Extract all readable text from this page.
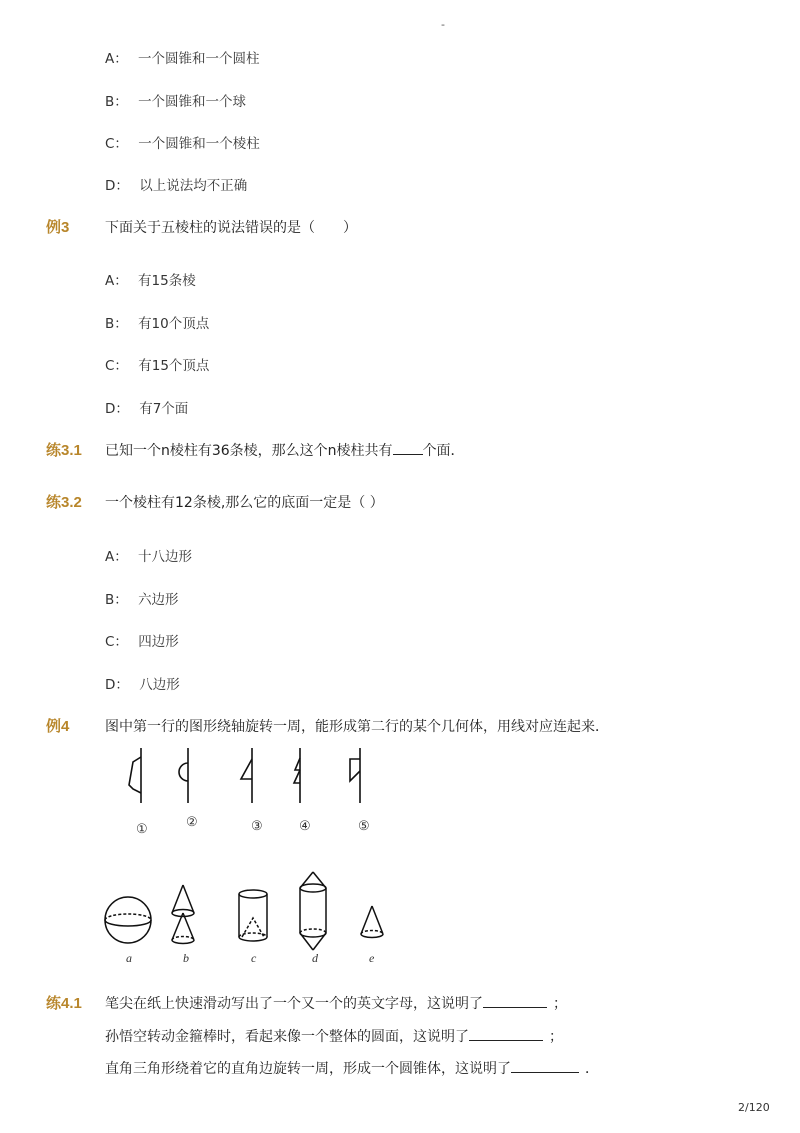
-
A： 一个圆锥和一个圆柱
B： 一个圆锥和一个球
C： 一个圆锥和一个棱柱
D： 以上说法均不正确
例3	下面关于五棱柱的说法错误的是（　　）
A： 有15条棱
B： 有10个顶点
C： 有15个顶点
D： 有7个面
练3.1 已知一个n棱柱有36条棱，那么这个n棱柱共有 个面．
练3.2 一个棱柱有12条棱,那么它的底面一定是（ ）
A： 十八边形
B： 六边形
C： 四边形
D： 八边形
例4	图中第一行的图形绕轴旋转一周，能形成第二行的某个几何体，用线对应连起来．
①	②	③	④	⑤
a	b	c	d	e
练4.1 笔尖在纸上快速滑动写出了一个又一个的英文字母，这说明了	；
孙悟空转动金箍棒时，看起来像一个整体的圆面，这说明了	；
直角三角形绕着它的直角边旋转一周，形成一个圆锥体，这说明了	．
2/120
